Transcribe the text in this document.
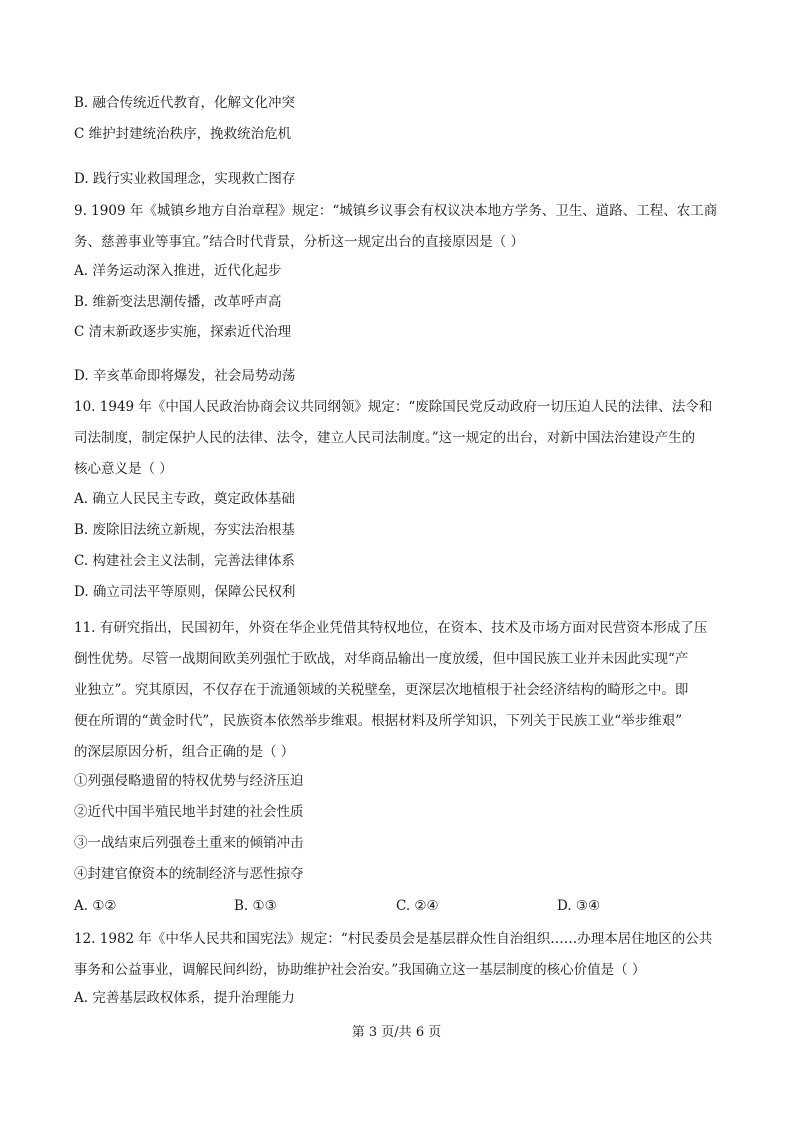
B. 融合传统近代教育，化解文化冲突
C 维护封建统治秩序，挽救统治危机
D. 践行实业救国理念，实现救亡图存
9. 1909 年《城镇乡地方自治章程》规定：“城镇乡议事会有权议决本地方学务、卫生、道路、工程、农工商
务、慈善事业等事宜。”结合时代背景，分析这一规定出台的直接原因是（ ）
A. 洋务运动深入推进，近代化起步
B. 维新变法思潮传播，改革呼声高
C 清末新政逐步实施，探索近代治理
D. 辛亥革命即将爆发，社会局势动荡
10. 1949 年《中国人民政治协商会议共同纲领》规定：“废除国民党反动政府一切压迫人民的法律、法令和
司法制度，制定保护人民的法律、法令，建立人民司法制度。”这一规定的出台，对新中国法治建设产生的
核心意义是（ ）
A. 确立人民民主专政，奠定政体基础
B. 废除旧法统立新规，夯实法治根基
C. 构建社会主义法制，完善法律体系
D. 确立司法平等原则，保障公民权利
11. 有研究指出，民国初年，外资在华企业凭借其特权地位，在资本、技术及市场方面对民营资本形成了压
倒性优势。尽管一战期间欧美列强忙于欧战，对华商品输出一度放缓，但中国民族工业并未因此实现“产
业独立”。究其原因，不仅存在于流通领域的关税壁垒，更深层次地植根于社会经济结构的畸形之中。即
便在所谓的“黄金时代”，民族资本依然举步维艰。根据材料及所学知识，下列关于民族工业“举步维艰”
的深层原因分析，组合正确的是（ ）
①列强侵略遗留的特权优势与经济压迫
②近代中国半殖民地半封建的社会性质
③一战结束后列强卷土重来的倾销冲击
④封建官僚资本的统制经济与恶性掠夺
A. ①②	B. ①③	C. ②④	D. ③④
12. 1982 年《中华人民共和国宪法》规定：“村民委员会是基层群众性自治组织……办理本居住地区的公共
事务和公益事业，调解民间纠纷，协助维护社会治安。”我国确立这一基层制度的核心价值是（ ）
A. 完善基层政权体系，提升治理能力
第 3 页/共 6 页
